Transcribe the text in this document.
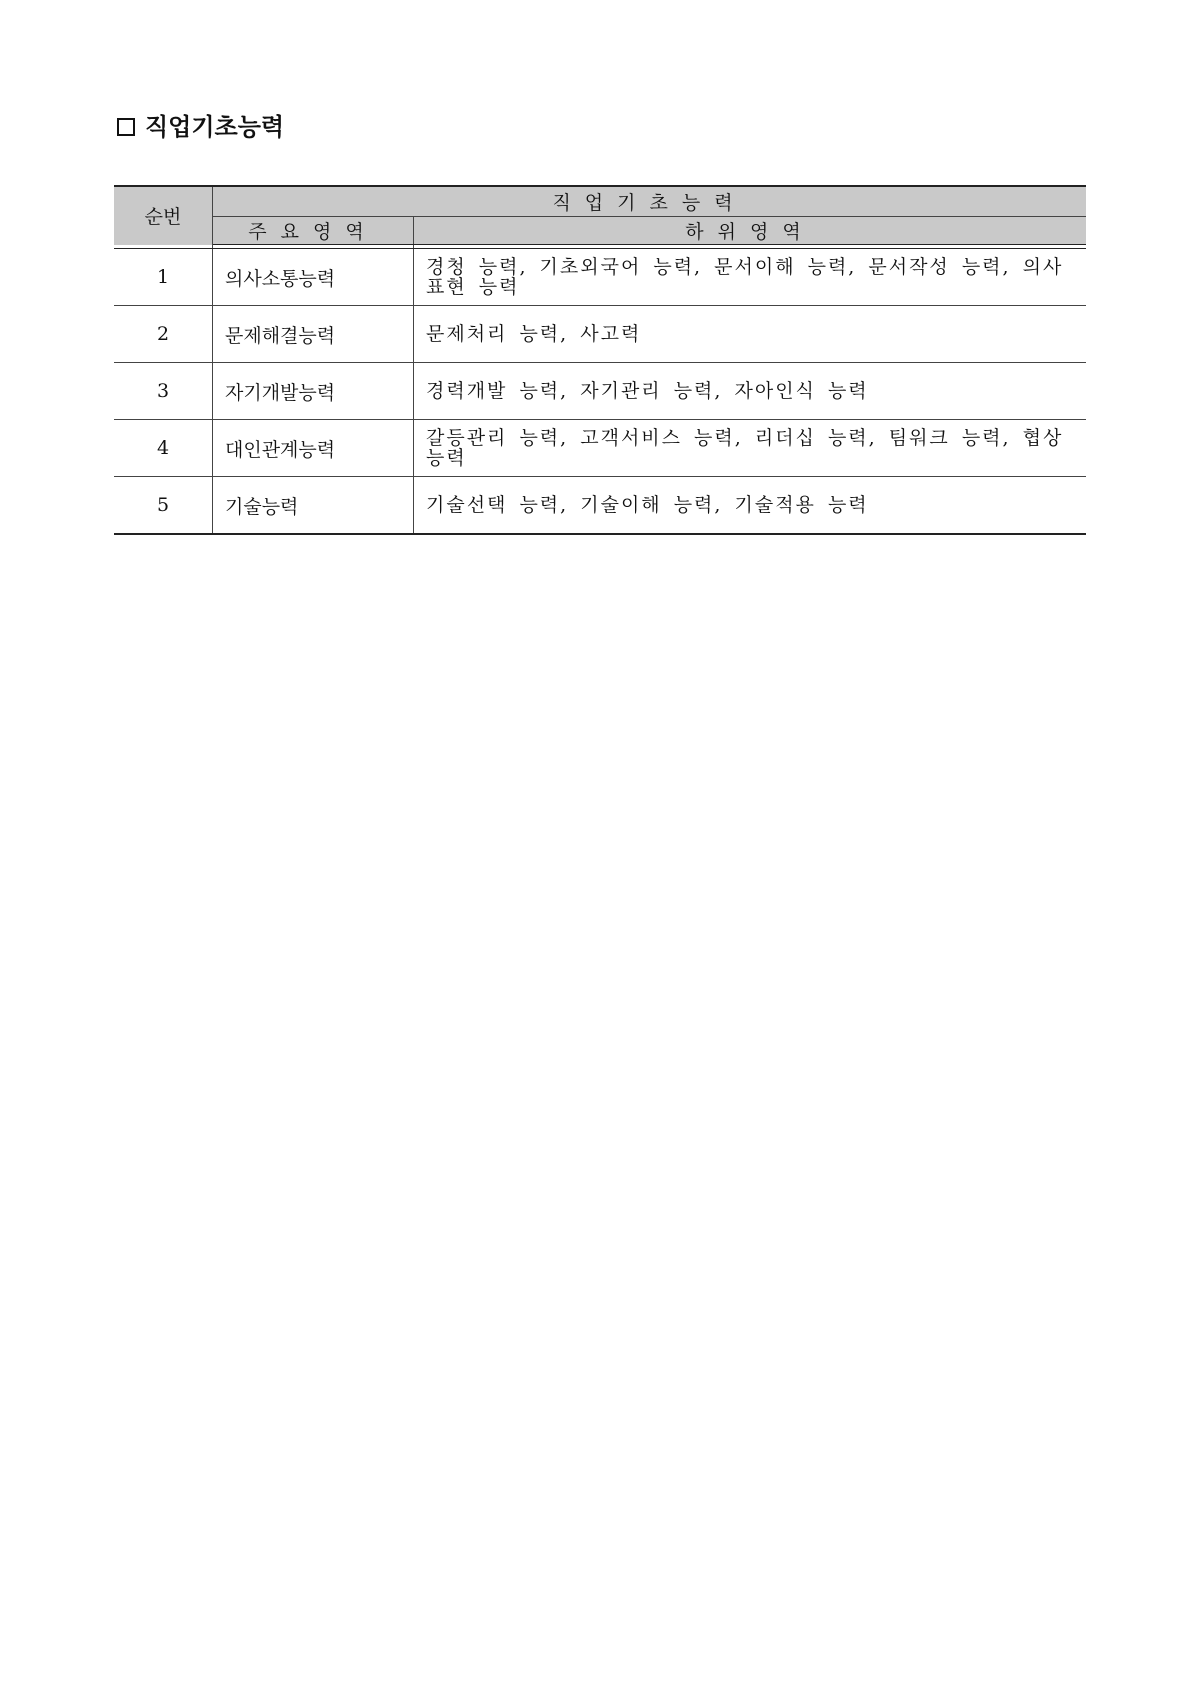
직업기초능력
순번	직업기초능력	
	주요영역	하위영역

1	의사소통능력	경청 능력, 기초외국어 능력, 문서이해 능력, 문서작성 능력, 의사표현 능력
2	문제해결능력	문제처리 능력, 사고력
3	자기개발능력	경력개발 능력, 자기관리 능력, 자아인식 능력
4	대인관계능력	갈등관리 능력, 고객서비스 능력, 리더십 능력, 팀워크 능력, 협상 능력
5	기술능력	기술선택 능력, 기술이해 능력, 기술적용 능력
